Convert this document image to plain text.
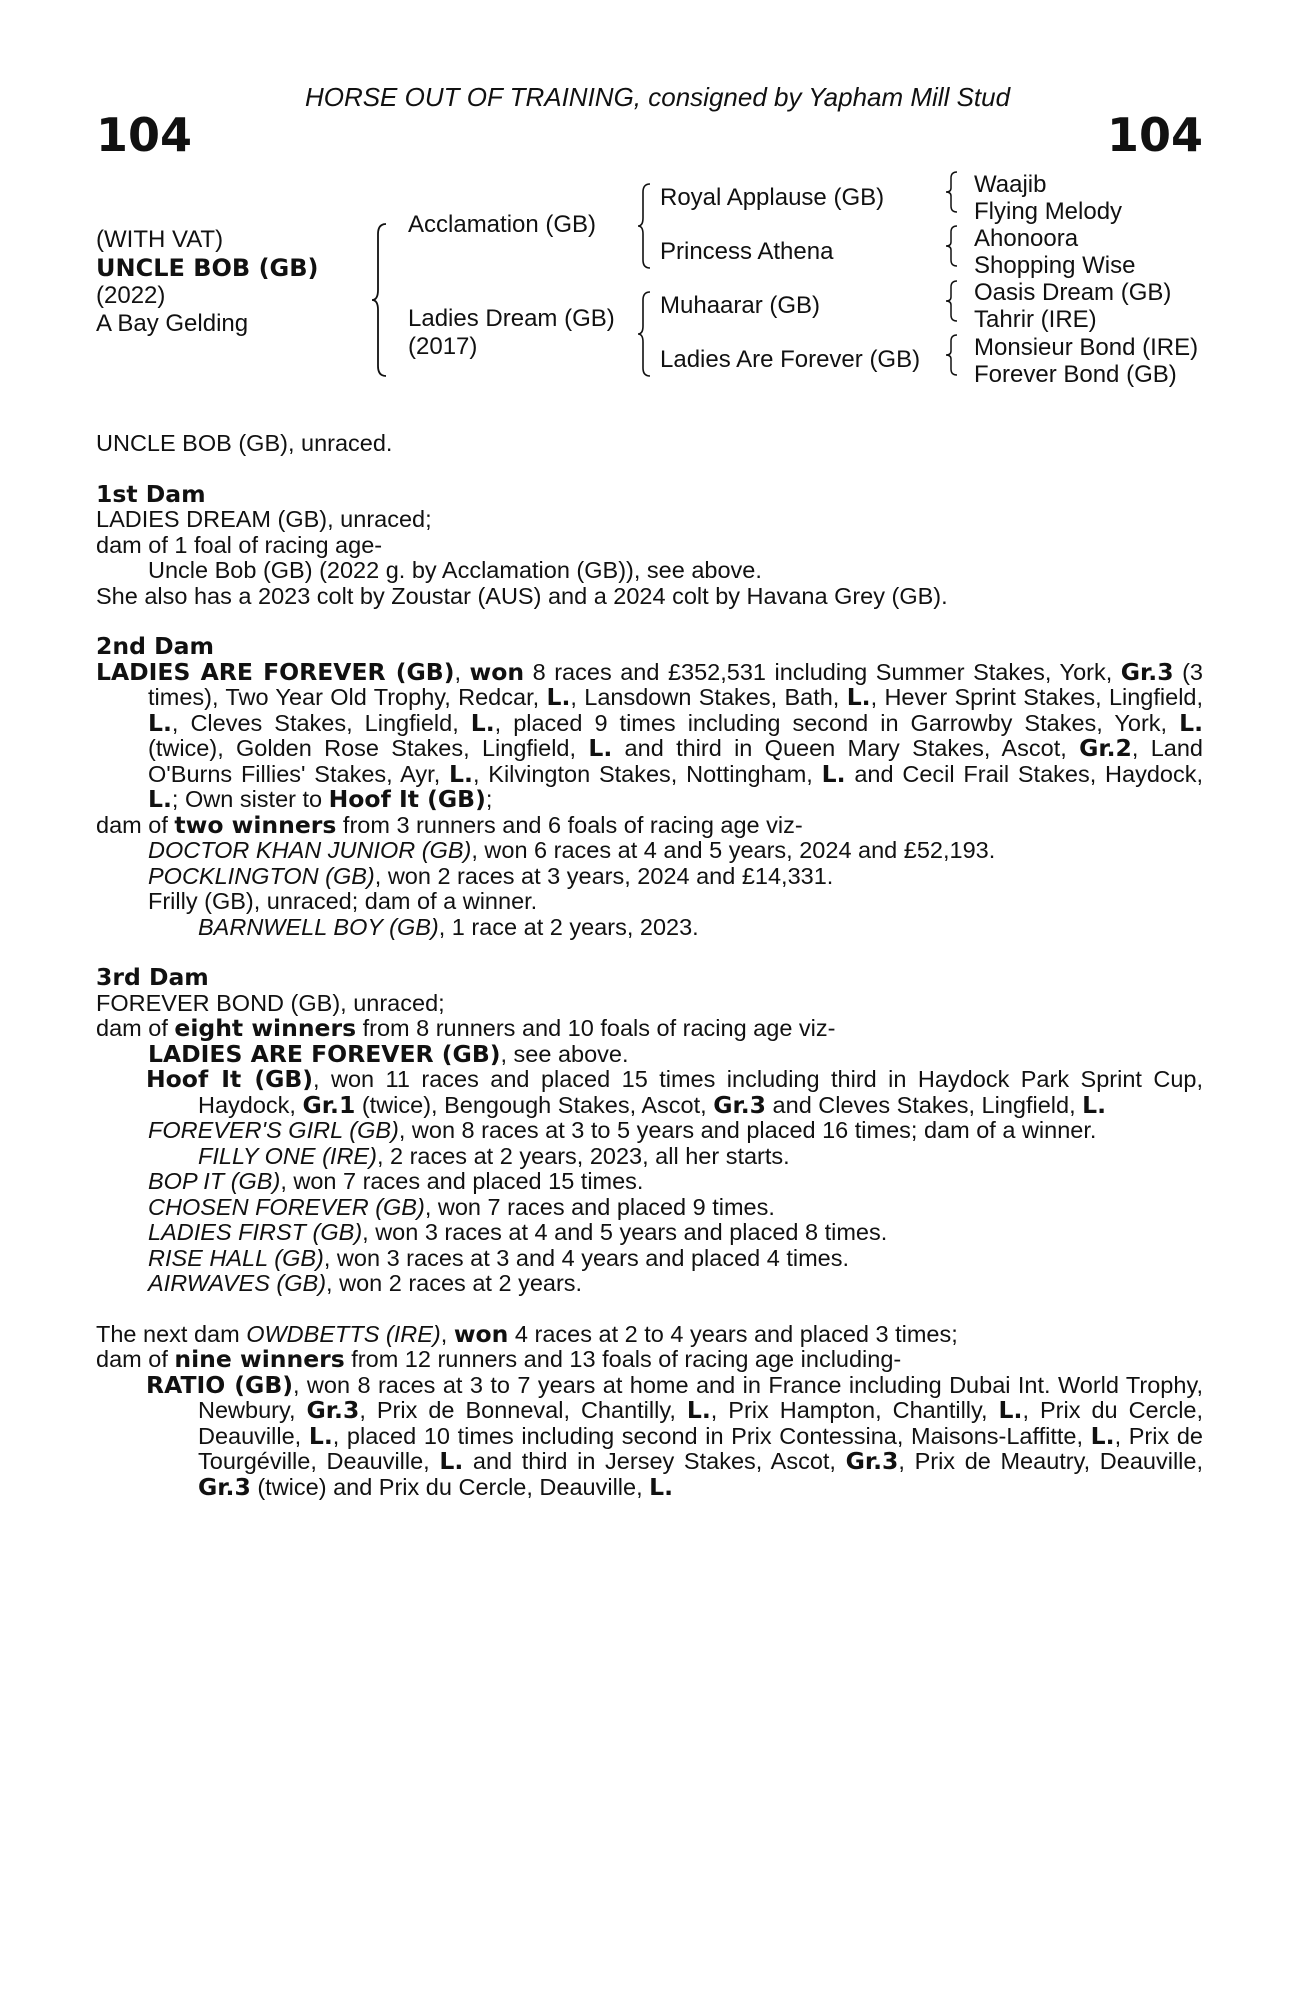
HORSE OUT OF TRAINING, consigned by Yapham Mill Stud
104	104
(WITH VAT)
UNCLE BOB (GB)
(2022)
A Bay Gelding
Acclamation (GB)
Ladies Dream (GB)
(2017)
Royal Applause (GB)
Princess Athena
Muhaarar (GB)
Ladies Are Forever (GB)
Waajib
Flying Melody
Ahonoora
Shopping Wise
Oasis Dream (GB)
Tahrir (IRE)
Monsieur Bond (IRE)
Forever Bond (GB)

UNCLE BOB (GB), unraced.

1st Dam

LADIES DREAM (GB), unraced;

dam of 1 foal of racing age-

Uncle Bob (GB) (2022 g. by Acclamation (GB)), see above.

She also has a 2023 colt by Zoustar (AUS) and a 2024 colt by Havana Grey (GB).

2nd Dam

LADIES ARE FOREVER (GB), won 8 races and £352,531 including Summer Stakes, York, Gr.3 (3 times), Two Year Old Trophy, Redcar, L., Lansdown Stakes, Bath, L., Hever Sprint Stakes, Lingfield, L., Cleves Stakes, Lingfield, L., placed 9 times including second in Garrowby Stakes, York, L. (twice), Golden Rose Stakes, Lingfield, L. and third in Queen Mary Stakes, Ascot, Gr.2, Land O'Burns Fillies' Stakes, Ayr, L., Kilvington Stakes, Nottingham, L. and Cecil Frail Stakes, Haydock, L.; Own sister to Hoof It (GB);

dam of two winners from 3 runners and 6 foals of racing age viz-

DOCTOR KHAN JUNIOR (GB), won 6 races at 4 and 5 years, 2024 and £52,193.

POCKLINGTON (GB), won 2 races at 3 years, 2024 and £14,331.

Frilly (GB), unraced; dam of a winner.

BARNWELL BOY (GB), 1 race at 2 years, 2023.

3rd Dam

FOREVER BOND (GB), unraced;

dam of eight winners from 8 runners and 10 foals of racing age viz-

LADIES ARE FOREVER (GB), see above.

Hoof It (GB), won 11 races and placed 15 times including third in Haydock Park Sprint Cup, Haydock, Gr.1 (twice), Bengough Stakes, Ascot, Gr.3 and Cleves Stakes, Lingfield, L.

FOREVER'S GIRL (GB), won 8 races at 3 to 5 years and placed 16 times; dam of a winner.

FILLY ONE (IRE), 2 races at 2 years, 2023, all her starts.

BOP IT (GB), won 7 races and placed 15 times.

CHOSEN FOREVER (GB), won 7 races and placed 9 times.

LADIES FIRST (GB), won 3 races at 4 and 5 years and placed 8 times.

RISE HALL (GB), won 3 races at 3 and 4 years and placed 4 times.

AIRWAVES (GB), won 2 races at 2 years.

The next dam OWDBETTS (IRE), won 4 races at 2 to 4 years and placed 3 times;

dam of nine winners from 12 runners and 13 foals of racing age including-

RATIO (GB), won 8 races at 3 to 7 years at home and in France including Dubai Int. World Trophy, Newbury, Gr.3, Prix de Bonneval, Chantilly, L., Prix Hampton, Chantilly, L., Prix du Cercle, Deauville, L., placed 10 times including second in Prix Contessina, Maisons-Laffitte, L., Prix de Tourgéville, Deauville, L. and third in Jersey Stakes, Ascot, Gr.3, Prix de Meautry, Deauville, Gr.3 (twice) and Prix du Cercle, Deauville, L.
